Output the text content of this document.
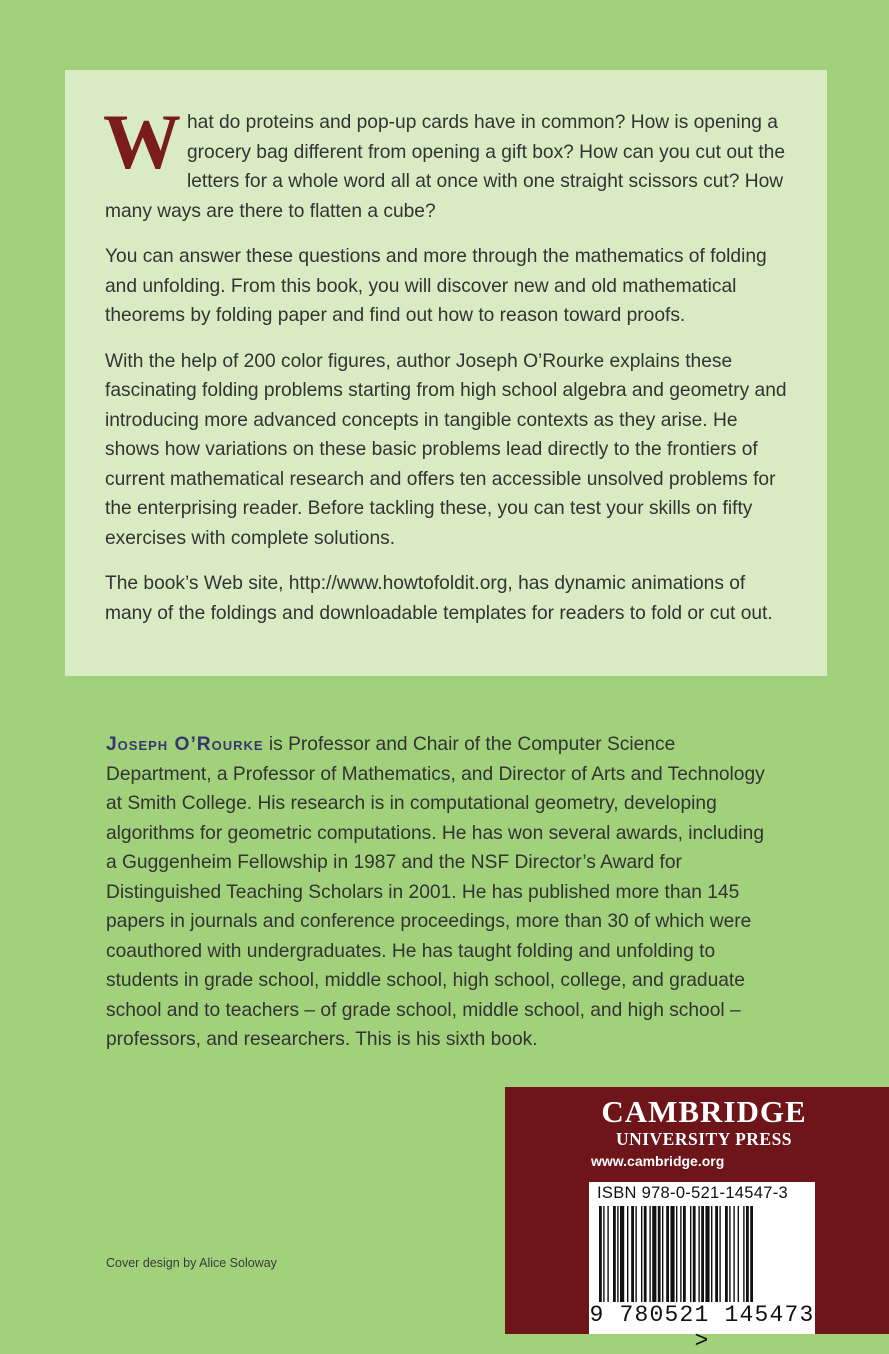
What do proteins and pop-up cards have in common? How is opening a grocery bag different from opening a gift box? How can you cut out the letters for a whole word all at once with one straight scissors cut? How many ways are there to flatten a cube?

You can answer these questions and more through the mathematics of folding and unfolding. From this book, you will discover new and old mathematical theorems by folding paper and find out how to reason toward proofs.

With the help of 200 color figures, author Joseph O’Rourke explains these fascinating folding problems starting from high school algebra and geometry and introducing more advanced concepts in tangible contexts as they arise. He shows how variations on these basic problems lead directly to the frontiers of current mathematical research and offers ten accessible unsolved problems for the enterprising reader. Before tackling these, you can test your skills on fifty exercises with complete solutions.

The book’s Web site, http://www.howtofoldit.org, has dynamic animations of many of the foldings and downloadable templates for readers to fold or cut out.

Joseph O’Rourke is Professor and Chair of the Computer Science Department, a Professor of Mathematics, and Director of Arts and Technology at Smith College. His research is in computational geometry, developing algorithms for geometric computations. He has won several awards, including a Guggenheim Fellowship in 1987 and the NSF Director’s Award for Distinguished Teaching Scholars in 2001. He has published more than 145 papers in journals and conference proceedings, more than 30 of which were coauthored with undergraduates. He has taught folding and unfolding to students in grade school, middle school, high school, college, and graduate school and to teachers – of grade school, middle school, and high school –professors, and researchers. This is his sixth book.

Cover design by Alice Soloway
CAMBRIDGE
UNIVERSITY PRESS
www.cambridge.org
ISBN 978-0-521-14547-3
9 780521 145473 >
